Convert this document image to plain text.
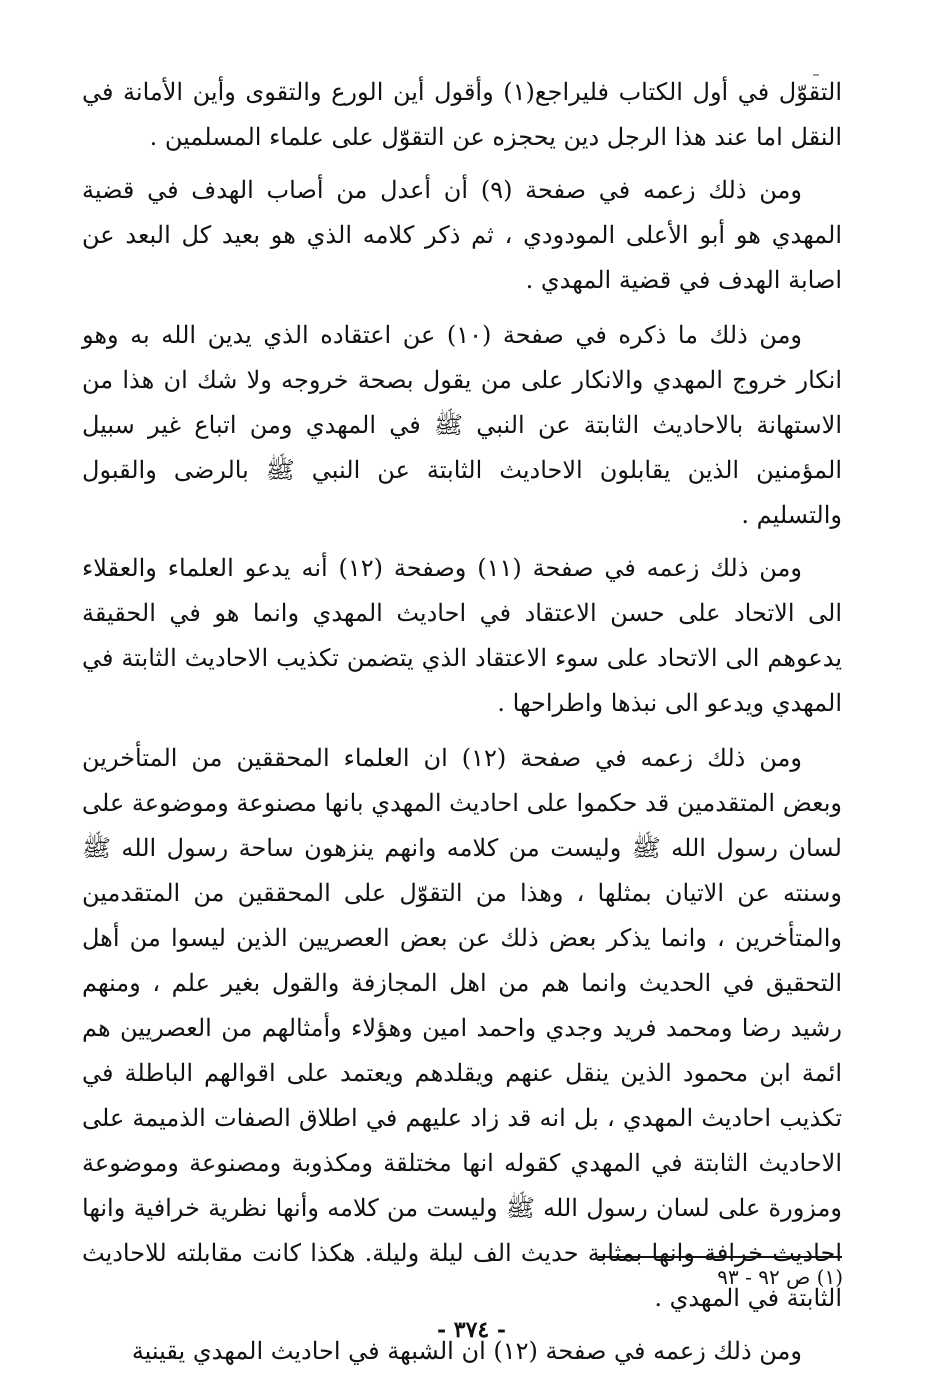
التقوّل في أول الكتاب فليراجع(١) وأقول أين الورع والتقوى وأين الأمانة في النقل اما عند هذا الرجل دين يحجزه عن التقوّل على علماء المسلمين .

ومن ذلك زعمه في صفحة (٩) أن أعدل من أصاب الهدف في قضية المهدي هو أبو الأعلى المودودي ، ثم ذكر كلامه الذي هو بعيد كل البعد عن اصابة الهدف في قضية المهدي .

ومن ذلك ما ذكره في صفحة (١٠) عن اعتقاده الذي يدين الله به وهو انكار خروج المهدي والانكار على من يقول بصحة خروجه ولا شك ان هذا من الاستهانة بالاحاديث الثابتة عن النبي ﷺ في المهدي ومن اتباع غير سبيل المؤمنين الذين يقابلون الاحاديث الثابتة عن النبي ﷺ بالرضى والقبول والتسليم .

ومن ذلك زعمه في صفحة (١١) وصفحة (١٢) أنه يدعو العلماء والعقلاء الى الاتحاد على حسن الاعتقاد في احاديث المهدي وانما هو في الحقيقة يدعوهم الى الاتحاد على سوء الاعتقاد الذي يتضمن تكذيب الاحاديث الثابتة في المهدي ويدعو الى نبذها واطراحها .

ومن ذلك زعمه في صفحة (١٢) ان العلماء المحققين من المتأخرين وبعض المتقدمين قد حكموا على احاديث المهدي بانها مصنوعة وموضوعة على لسان رسول الله ﷺ وليست من كلامه وانهم ينزهون ساحة رسول الله ﷺ وسنته عن الاتيان بمثلها ، وهذا من التقوّل على المحققين من المتقدمين والمتأخرين ، وانما يذكر بعض ذلك عن بعض العصريين الذين ليسوا من أهل التحقيق في الحديث وانما هم من اهل المجازفة والقول بغير علم ، ومنهم رشيد رضا ومحمد فريد وجدي واحمد امين وهؤلاء وأمثالهم من العصريين هم ائمة ابن محمود الذين ينقل عنهم ويقلدهم ويعتمد على اقوالهم الباطلة في تكذيب احاديث المهدي ، بل انه قد زاد عليهم في اطلاق الصفات الذميمة على الاحاديث الثابتة في المهدي كقوله انها مختلقة ومكذوبة ومصنوعة وموضوعة ومزورة على لسان رسول الله ﷺ وليست من كلامه وأنها نظرية خرافية وانها احاديث خرافة وانها بمثابة حديث الف ليلة وليلة. هكذا كانت مقابلته للاحاديث الثابتة في المهدي .

ومن ذلك زعمه في صفحة (١٢) ان الشبهة في احاديث المهدي يقينية

(١) ص ٩٢ - ٩٣
- ٣٧٤ -
